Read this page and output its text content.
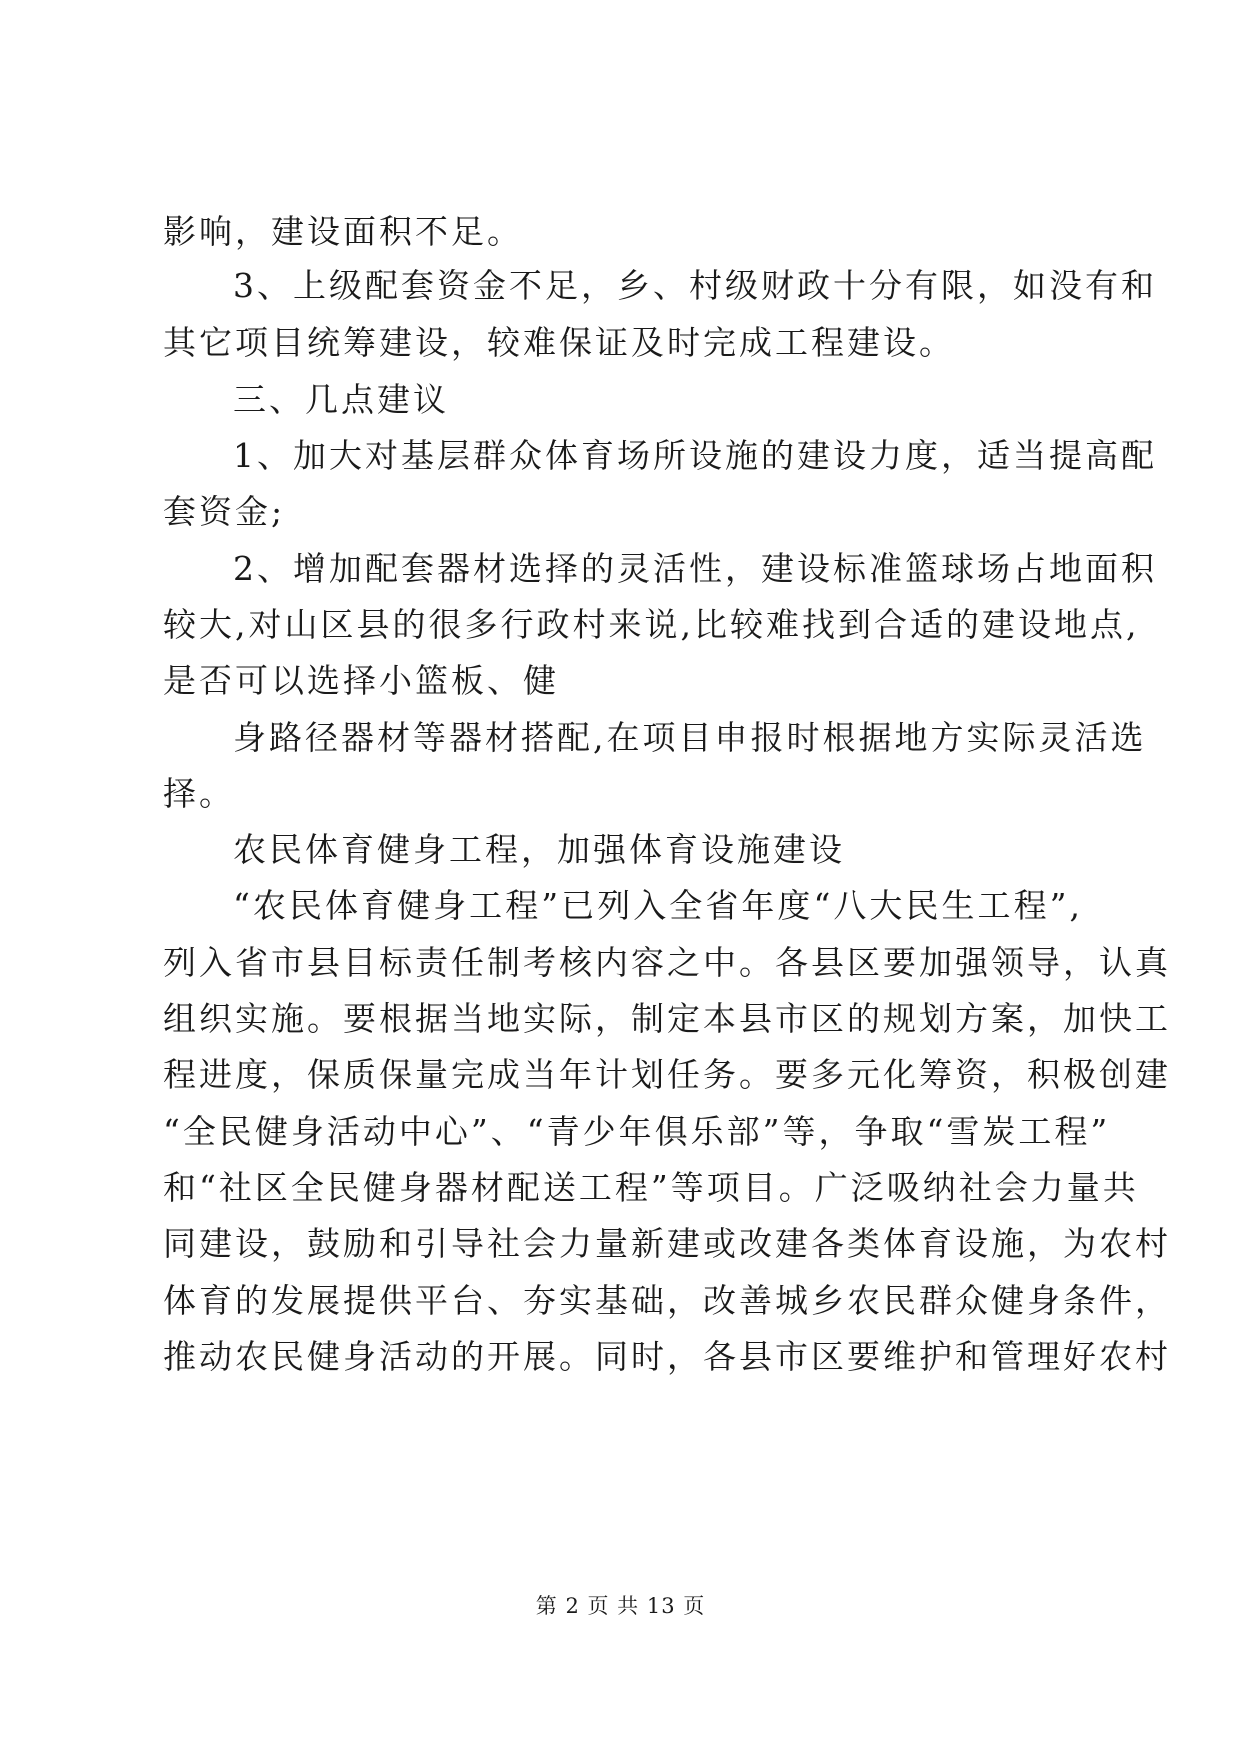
影响，建设面积不足。
3、上级配套资金不足，乡、村级财政十分有限，如没有和
其它项目统筹建设，较难保证及时完成工程建设。
三、几点建议
1、加大对基层群众体育场所设施的建设力度，适当提高配
套资金;
2、增加配套器材选择的灵活性，建设标准篮球场占地面积
较大,对山区县的很多行政村来说,比较难找到合适的建设地点,
是否可以选择小篮板、健
身路径器材等器材搭配,在项目申报时根据地方实际灵活选
择。
农民体育健身工程，加强体育设施建设
“农民体育健身工程”已列入全省年度“八大民生工程”,
列入省市县目标责任制考核内容之中。各县区要加强领导，认真
组织实施。要根据当地实际，制定本县市区的规划方案，加快工
程进度，保质保量完成当年计划任务。要多元化筹资，积极创建
“全民健身活动中心”、“青少年俱乐部”等，争取“雪炭工程”
和“社区全民健身器材配送工程”等项目。广泛吸纳社会力量共
同建设，鼓励和引导社会力量新建或改建各类体育设施，为农村
体育的发展提供平台、夯实基础，改善城乡农民群众健身条件，
推动农民健身活动的开展。同时，各县市区要维护和管理好农村
第 2 页 共 13 页
